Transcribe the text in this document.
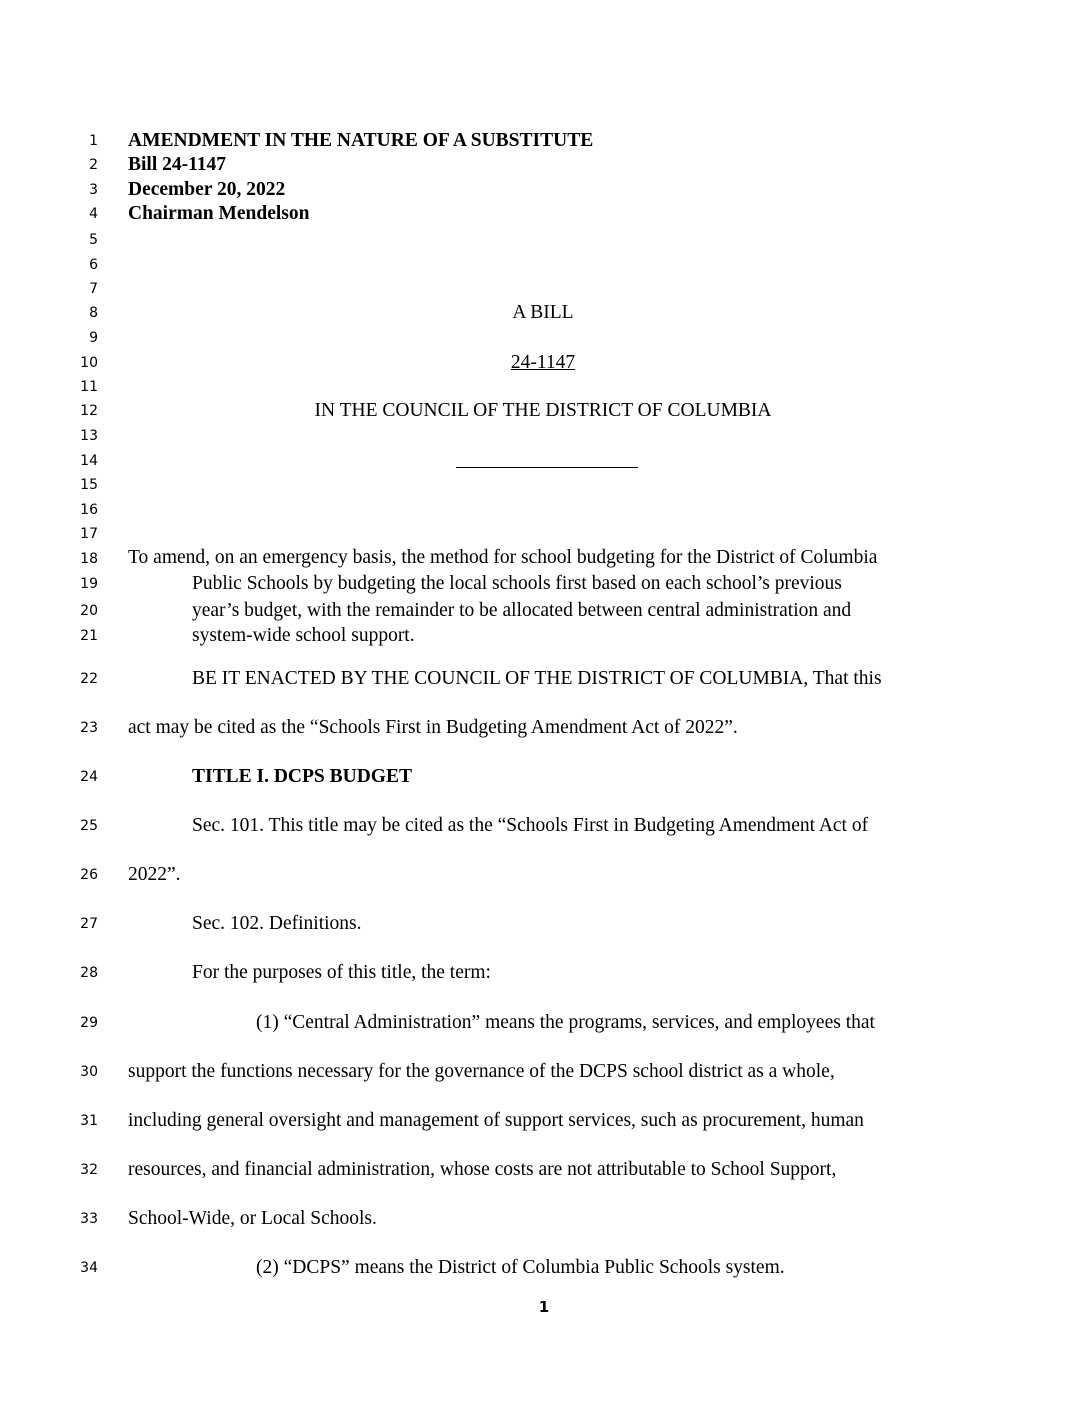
1
2
3
4
5
6
7
8
9
10
11
12
13
14
15
16
17
18
19
20
21
22
23
24
25
26
27
28
29
30
31
32
33
34
AMENDMENT IN THE NATURE OF A SUBSTITUTE
Bill 24-1147
December 20, 2022
Chairman Mendelson
A BILL
24-1147
IN THE COUNCIL OF THE DISTRICT OF COLUMBIA
To amend, on an emergency basis, the method for school budgeting for the District of Columbia
Public Schools by budgeting the local schools first based on each school’s previous
year’s budget, with the remainder to be allocated between central administration and
system-wide school support.
BE IT ENACTED BY THE COUNCIL OF THE DISTRICT OF COLUMBIA, That this
act may be cited as the “Schools First in Budgeting Amendment Act of 2022”.
TITLE I. DCPS BUDGET
Sec. 101. This title may be cited as the “Schools First in Budgeting Amendment Act of
2022”.
Sec. 102. Definitions.
For the purposes of this title, the term:
(1) “Central Administration” means the programs, services, and employees that
support the functions necessary for the governance of the DCPS school district as a whole,
including general oversight and management of support services, such as procurement, human
resources, and financial administration, whose costs are not attributable to School Support,
School-Wide, or Local Schools.
(2) “DCPS” means the District of Columbia Public Schools system.
1
